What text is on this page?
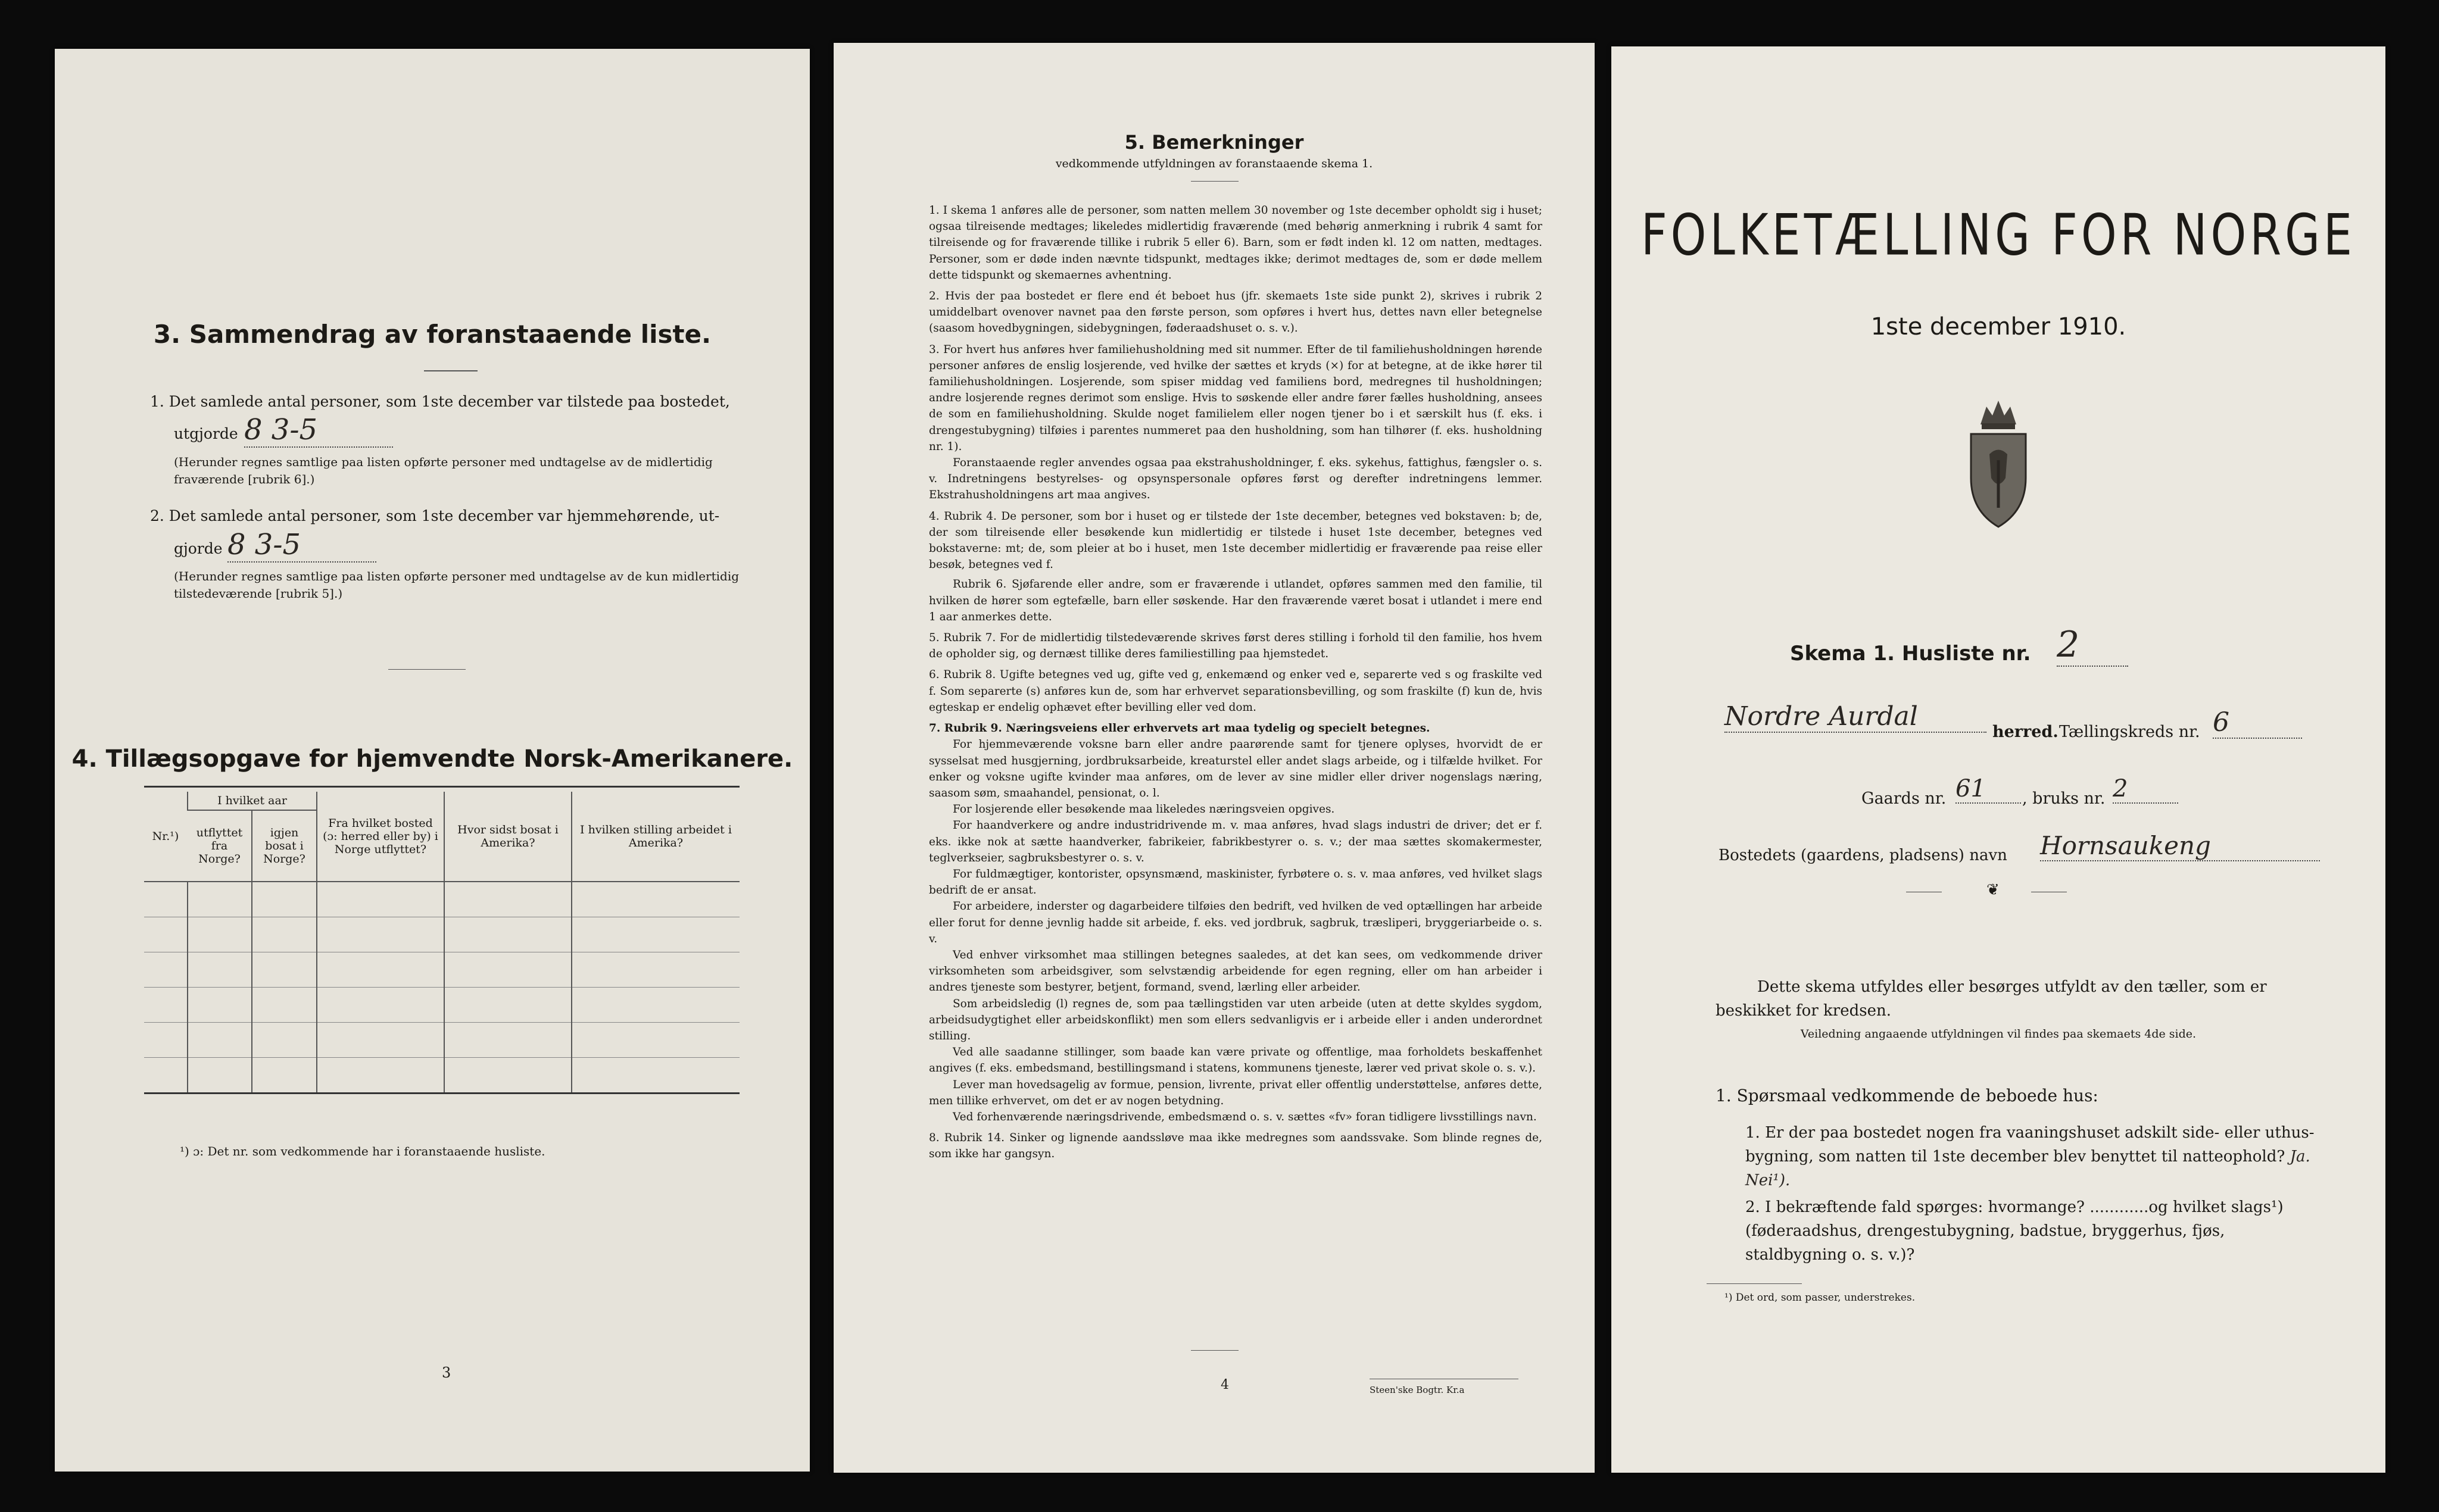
3. Sammendrag av foranstaaende liste.
1. Det samlede antal personer, som 1ste december var tilstede paa bostedet,
utgjorde 8 3-5
(Herunder regnes samtlige paa listen opførte personer med undtagelse av de midlertidig fraværende [rubrik 6].)
2. Det samlede antal personer, som 1ste december var hjemmehørende, ut-
gjorde 8 3-5
(Herunder regnes samtlige paa listen opførte personer med undtagelse av de kun midlertidig tilstedeværende [rubrik 5].)
4. Tillægsopgave for hjemvendte Norsk-Amerikanere.
Nr.¹)	I hvilket aar		Fra hvilket bosted (ɔ: herred eller by) i Norge utflyttet?	Hvor sidst bosat i Amerika?	I hvilken stilling arbeidet i Amerika?
	utflyttet fra Norge?	igjen bosat i Norge?			

¹) ɔ: Det nr. som vedkommende har i foranstaaende husliste.
3
5. Bemerkninger
vedkommende utfyldningen av foranstaaende skema 1.

1. I skema 1 anføres alle de personer, som natten mellem 30 november og 1ste december opholdt sig i huset; ogsaa tilreisende medtages; likeledes midlertidig fraværende (med behørig anmerkning i rubrik 4 samt for tilreisende og for fraværende tillike i rubrik 5 eller 6). Barn, som er født inden kl. 12 om natten, medtages. Personer, som er døde inden nævnte tidspunkt, medtages ikke; derimot medtages de, som er døde mellem dette tidspunkt og skemaernes avhentning.

2. Hvis der paa bostedet er flere end ét beboet hus (jfr. skemaets 1ste side punkt 2), skrives i rubrik 2 umiddelbart ovenover navnet paa den første person, som opføres i hvert hus, dettes navn eller betegnelse (saasom hovedbygningen, sidebygningen, føderaadshuset o. s. v.).

3. For hvert hus anføres hver familiehusholdning med sit nummer. Efter de til familiehusholdningen hørende personer anføres de enslig losjerende, ved hvilke der sættes et kryds (×) for at betegne, at de ikke hører til familiehusholdningen. Losjerende, som spiser middag ved familiens bord, medregnes til husholdningen; andre losjerende regnes derimot som enslige. Hvis to søskende eller andre fører fælles husholdning, ansees de som en familiehusholdning. Skulde noget familielem eller nogen tjener bo i et særskilt hus (f. eks. i drengestubygning) tilføies i parentes nummeret paa den husholdning, som han tilhører (f. eks. husholdning nr. 1).

Foranstaaende regler anvendes ogsaa paa ekstrahusholdninger, f. eks. sykehus, fattighus, fængsler o. s. v. Indretningens bestyrelses- og opsynspersonale opføres først og derefter indretningens lemmer. Ekstrahusholdningens art maa angives.

4. Rubrik 4. De personer, som bor i huset og er tilstede der 1ste december, betegnes ved bokstaven: b; de, der som tilreisende eller besøkende kun midlertidig er tilstede i huset 1ste december, betegnes ved bokstaverne: mt; de, som pleier at bo i huset, men 1ste december midlertidig er fraværende paa reise eller besøk, betegnes ved f.

Rubrik 6. Sjøfarende eller andre, som er fraværende i utlandet, opføres sammen med den familie, til hvilken de hører som egtefælle, barn eller søskende. Har den fraværende været bosat i utlandet i mere end 1 aar anmerkes dette.

5. Rubrik 7. For de midlertidig tilstedeværende skrives først deres stilling i forhold til den familie, hos hvem de opholder sig, og dernæst tillike deres familiestilling paa hjemstedet.

6. Rubrik 8. Ugifte betegnes ved ug, gifte ved g, enkemænd og enker ved e, separerte ved s og fraskilte ved f. Som separerte (s) anføres kun de, som har erhvervet separationsbevilling, og som fraskilte (f) kun de, hvis egteskap er endelig ophævet efter bevilling eller ved dom.

7. Rubrik 9. Næringsveiens eller erhvervets art maa tydelig og specielt betegnes.

For hjemmeværende voksne barn eller andre paarørende samt for tjenere oplyses, hvorvidt de er sysselsat med husgjerning, jordbruksarbeide, kreaturstel eller andet slags arbeide, og i tilfælde hvilket. For enker og voksne ugifte kvinder maa anføres, om de lever av sine midler eller driver nogenslags næring, saasom søm, smaahandel, pensionat, o. l.

For losjerende eller besøkende maa likeledes næringsveien opgives.

For haandverkere og andre industridrivende m. v. maa anføres, hvad slags industri de driver; det er f. eks. ikke nok at sætte haandverker, fabrikeier, fabrikbestyrer o. s. v.; der maa sættes skomakermester, teglverkseier, sagbruksbestyrer o. s. v.

For fuldmægtiger, kontorister, opsynsmænd, maskinister, fyrbøtere o. s. v. maa anføres, ved hvilket slags bedrift de er ansat.

For arbeidere, inderster og dagarbeidere tilføies den bedrift, ved hvilken de ved optællingen har arbeide eller forut for denne jevnlig hadde sit arbeide, f. eks. ved jordbruk, sagbruk, træsliperi, bryggeriarbeide o. s. v.

Ved enhver virksomhet maa stillingen betegnes saaledes, at det kan sees, om vedkommende driver virksomheten som arbeidsgiver, som selvstændig arbeidende for egen regning, eller om han arbeider i andres tjeneste som bestyrer, betjent, formand, svend, lærling eller arbeider.

Som arbeidsledig (l) regnes de, som paa tællingstiden var uten arbeide (uten at dette skyldes sygdom, arbeidsudygtighet eller arbeidskonflikt) men som ellers sedvanligvis er i arbeide eller i anden underordnet stilling.

Ved alle saadanne stillinger, som baade kan være private og offentlige, maa forholdets beskaffenhet angives (f. eks. embedsmand, bestillingsmand i statens, kommunens tjeneste, lærer ved privat skole o. s. v.).

Lever man hovedsagelig av formue, pension, livrente, privat eller offentlig understøttelse, anføres dette, men tillike erhvervet, om det er av nogen betydning.

Ved forhenværende næringsdrivende, embedsmænd o. s. v. sættes «fv» foran tidligere livsstillings navn.

8. Rubrik 14. Sinker og lignende aandssløve maa ikke medregnes som aandssvake. Som blinde regnes de, som ikke har gangsyn.

4	Steen'ske Bogtr. Kr.a
FOLKETÆLLING FOR NORGE
1ste december 1910.
Skema 1. Husliste nr. 2
Nordre Aurdal
herred. Tællingskreds nr. 6
Gaards nr. 61	, bruks nr. 2
Bostedets (gaardens, pladsens) navn Hornsaukeng
❦
Dette skema utfyldes eller besørges utfyldt av den tæller, som er beskikket for kredsen.
Veiledning angaaende utfyldningen vil findes paa skemaets 4de side.
1. Spørsmaal vedkommende de beboede hus:
1. Er der paa bostedet nogen fra vaaningshuset adskilt side- eller uthus-bygning, som natten til 1ste december blev benyttet til natteophold? Ja. Nei¹).
2. I bekræftende fald spørges: hvormange? ............og hvilket slags¹) (føderaadshus, drengestubygning, badstue, bryggerhus, fjøs, staldbygning o. s. v.)?
¹) Det ord, som passer, understrekes.
